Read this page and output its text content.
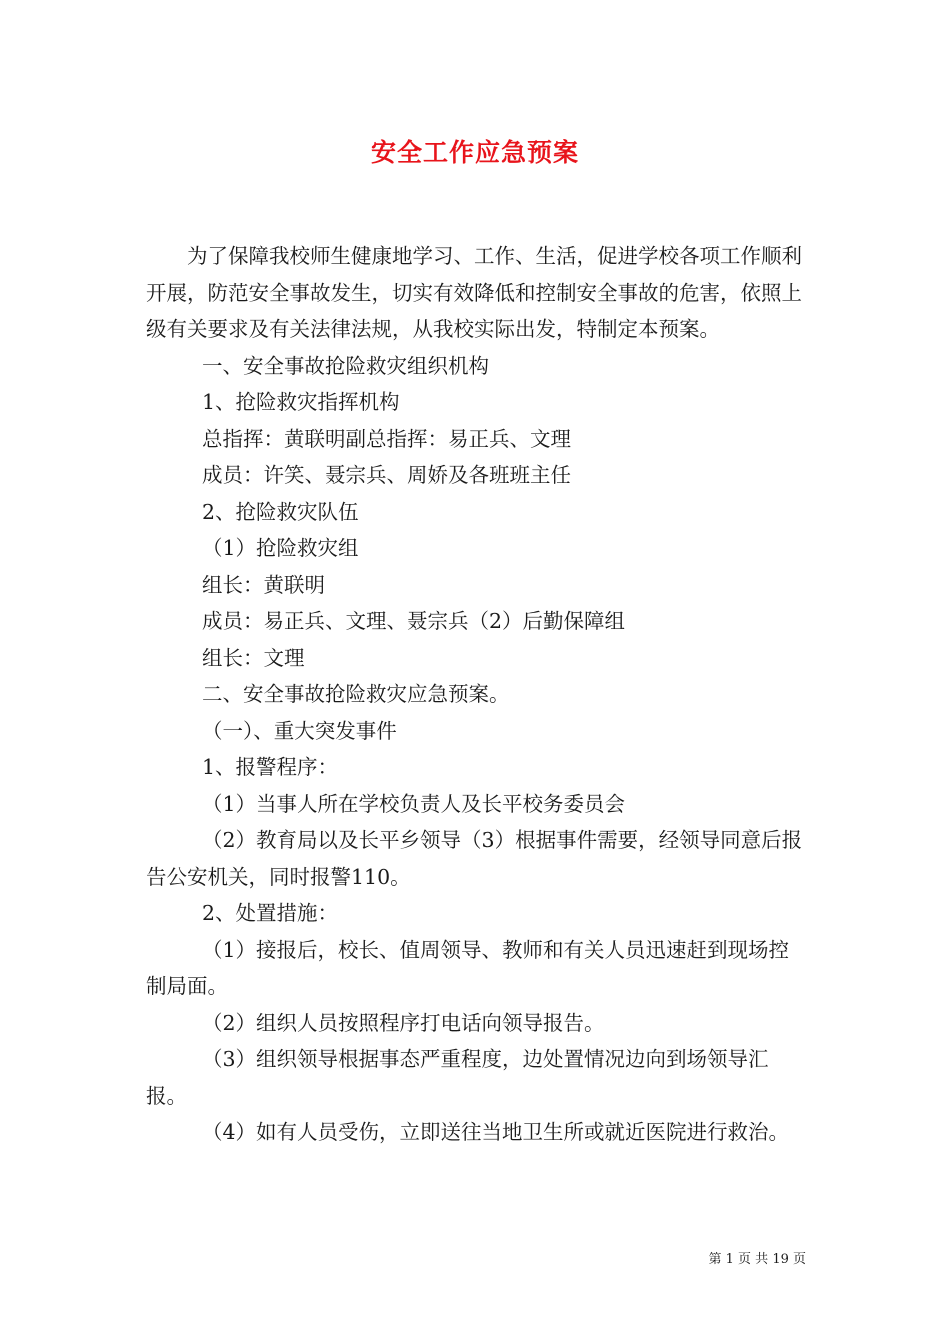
安全工作应急预案

为了保障我校师生健康地学习、工作、生活，促进学校各项工作顺利开展，防范安全事故发生，切实有效降低和控制安全事故的危害，依照上级有关要求及有关法律法规，从我校实际出发，特制定本预案。

一、安全事故抢险救灾组织机构

1、抢险救灾指挥机构

总指挥：黄联明副总指挥：易正兵、文理

成员：许笑、聂宗兵、周娇及各班班主任

2、抢险救灾队伍

（1）抢险救灾组

组长：黄联明

成员：易正兵、文理、聂宗兵（2）后勤保障组

组长：文理

二、安全事故抢险救灾应急预案。

（一）、重大突发事件

1、报警程序：

（1）当事人所在学校负责人及长平校务委员会

（2）教育局以及长平乡领导（3）根据事件需要，经领导同意后报告公安机关，同时报警110。

2、处置措施：

（1）接报后，校长、值周领导、教师和有关人员迅速赶到现场控制局面。

（2）组织人员按照程序打电话向领导报告。

（3）组织领导根据事态严重程度，边处置情况边向到场领导汇报。

（4）如有人员受伤，立即送往当地卫生所或就近医院进行救治。

第 1 页 共 19 页
